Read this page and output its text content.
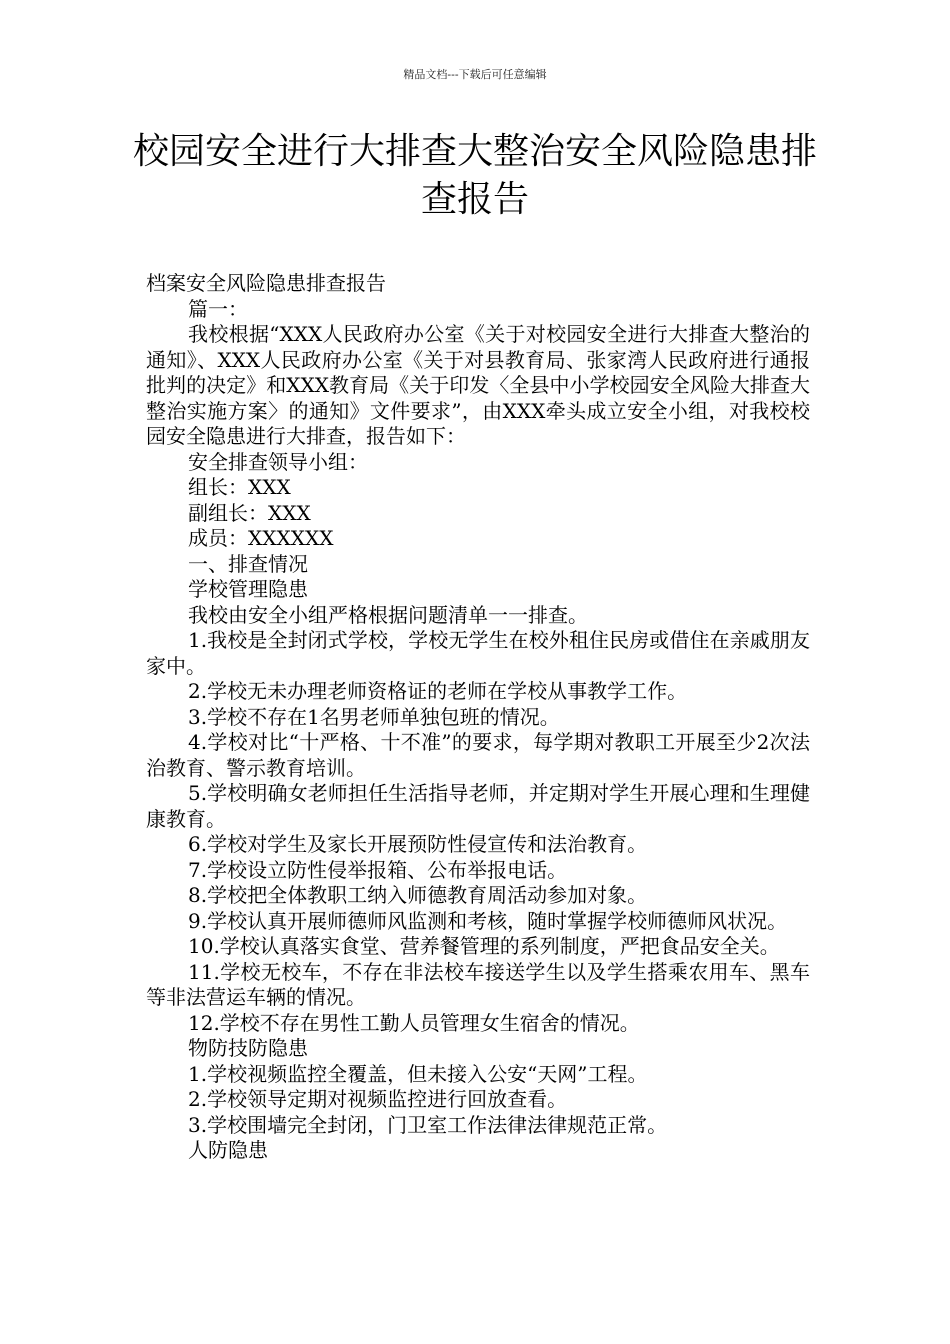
精品文档---下载后可任意编辑
校园安全进行大排查大整治安全风险隐患排查报告

档案安全风险隐患排查报告

篇一：

我校根据“XXX人民政府办公室《关于对校园安全进行大排查大整治的通知》、XXX人民政府办公室《关于对县教育局、张家湾人民政府进行通报批判的决定》和XXX教育局《关于印发〈全县中小学校园安全风险大排查大整治实施方案〉的通知》文件要求”，由XXX牵头成立安全小组，对我校校园安全隐患进行大排查，报告如下：

安全排查领导小组：

组长：XXX

副组长：XXX

成员：XXXXXX

一、排查情况

学校管理隐患

我校由安全小组严格根据问题清单一一排查。

1.我校是全封闭式学校，学校无学生在校外租住民房或借住在亲戚朋友家中。

2.学校无未办理老师资格证的老师在学校从事教学工作。

3.学校不存在1名男老师单独包班的情况。

4.学校对比“十严格、十不准”的要求，每学期对教职工开展至少2次法治教育、警示教育培训。

5.学校明确女老师担任生活指导老师，并定期对学生开展心理和生理健康教育。

6.学校对学生及家长开展预防性侵宣传和法治教育。

7.学校设立防性侵举报箱、公布举报电话。

8.学校把全体教职工纳入师德教育周活动参加对象。

9.学校认真开展师德师风监测和考核，随时掌握学校师德师风状况。

10.学校认真落实食堂、营养餐管理的系列制度，严把食品安全关。

11.学校无校车，不存在非法校车接送学生以及学生搭乘农用车、黑车等非法营运车辆的情况。

12.学校不存在男性工勤人员管理女生宿舍的情况。

物防技防隐患

1.学校视频监控全覆盖，但未接入公安“天网”工程。

2.学校领导定期对视频监控进行回放查看。

3.学校围墙完全封闭，门卫室工作法律法律规范正常。

人防隐患
